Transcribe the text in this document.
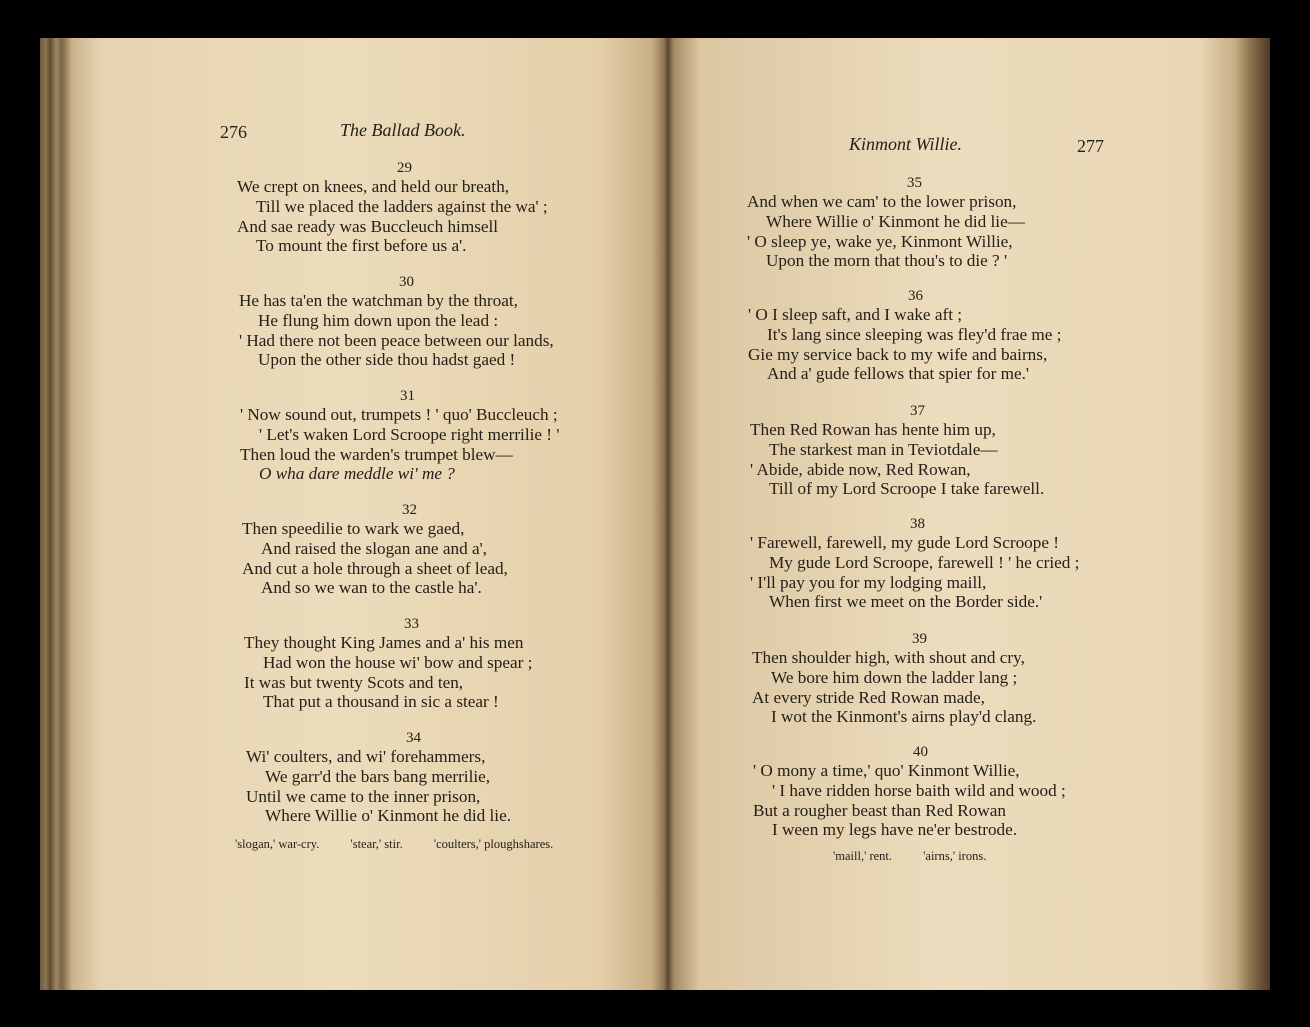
276	The Ballad Book.
29
We crept on knees, and held our breath,
Till we placed the ladders against the wa' ;
And sae ready was Buccleuch himsell
To mount the first before us a'.
30
He has ta'en the watchman by the throat,
He flung him down upon the lead :
' Had there not been peace between our lands,
Upon the other side thou hadst gaed !
31
' Now sound out, trumpets ! ' quo' Buccleuch ;
' Let's waken Lord Scroope right merrilie ! '
Then loud the warden's trumpet blew—
O wha dare meddle wi' me ?
32
Then speedilie to wark we gaed,
And raised the slogan ane and a',
And cut a hole through a sheet of lead,
And so we wan to the castle ha'.
33
They thought King James and a' his men
Had won the house wi' bow and spear ;
It was but twenty Scots and ten,
That put a thousand in sic a stear !
34
Wi' coulters, and wi' forehammers,
We garr'd the bars bang merrilie,
Until we came to the inner prison,
Where Willie o' Kinmont he did lie.
'slogan,' war-cry. 'stear,' stir. 'coulters,' ploughshares.
Kinmont Willie.	277
35
And when we cam' to the lower prison,
Where Willie o' Kinmont he did lie—
' O sleep ye, wake ye, Kinmont Willie,
Upon the morn that thou's to die ? '
36
' O I sleep saft, and I wake aft ;
It's lang since sleeping was fley'd frae me ;
Gie my service back to my wife and bairns,
And a' gude fellows that spier for me.'
37
Then Red Rowan has hente him up,
The starkest man in Teviotdale—
' Abide, abide now, Red Rowan,
Till of my Lord Scroope I take farewell.
38
' Farewell, farewell, my gude Lord Scroope !
My gude Lord Scroope, farewell ! ' he cried ;
' I'll pay you for my lodging maill,
When first we meet on the Border side.'
39
Then shoulder high, with shout and cry,
We bore him down the ladder lang ;
At every stride Red Rowan made,
I wot the Kinmont's airns play'd clang.
40
' O mony a time,' quo' Kinmont Willie,
' I have ridden horse baith wild and wood ;
But a rougher beast than Red Rowan
I ween my legs have ne'er bestrode.
'maill,' rent. 'airns,' irons.
